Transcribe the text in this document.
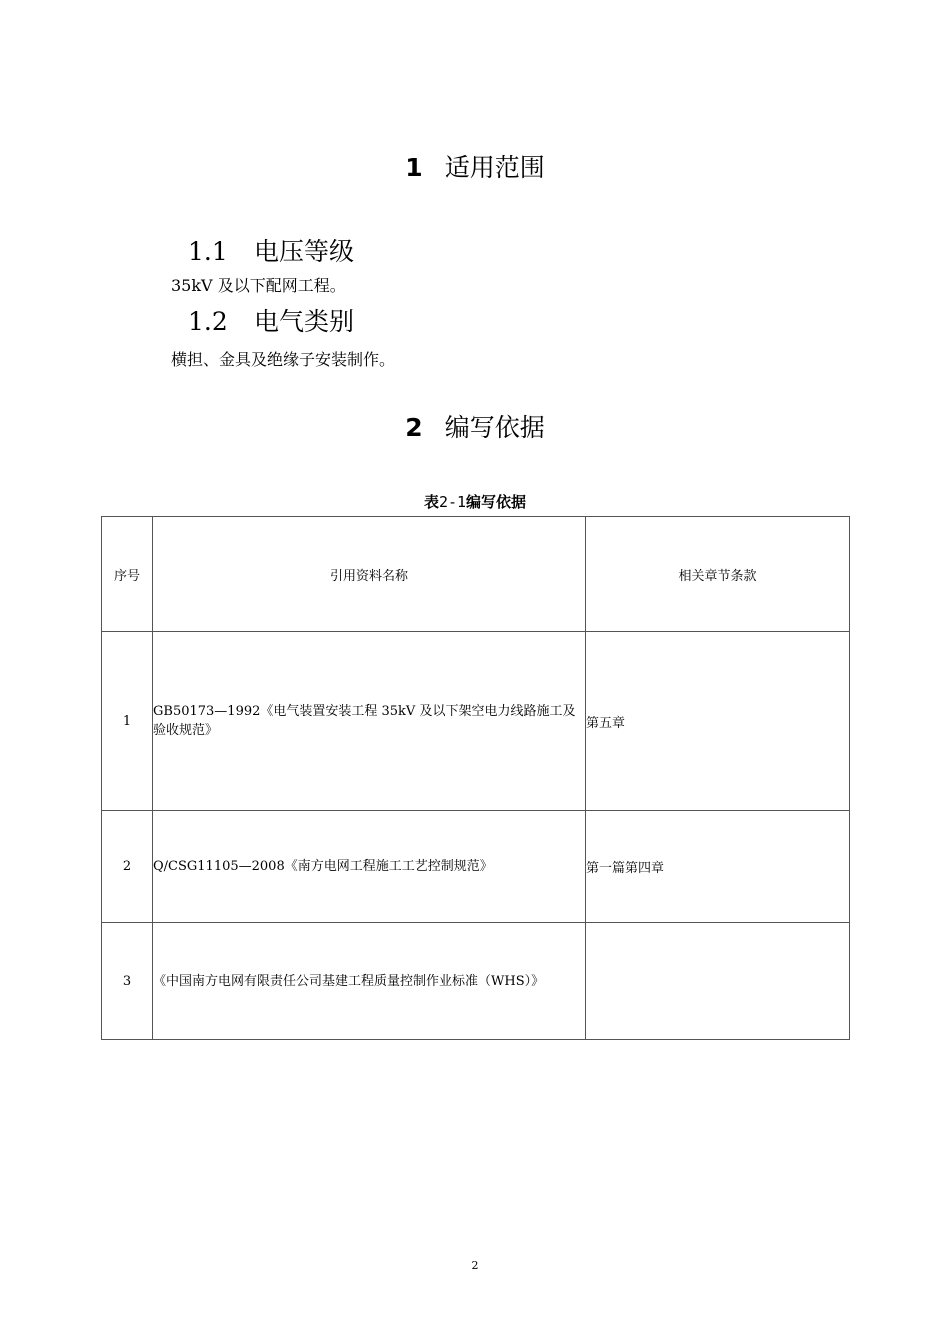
1 适用范围
1.1 电压等级
35kV 及以下配网工程。
1.2 电气类别
横担、金具及绝缘子安装制作。
2 编写依据
表2-1编写依据
序号	引用资料名称	相关章节条款
1	GB50173—1992《电气装置安装工程 35kV 及以下架空电力线路施工及验收规范》	第五章
2	Q/CSG11105—2008《南方电网工程施工工艺控制规范》	第一篇第四章
3	《中国南方电网有限责任公司基建工程质量控制作业标准（WHS）》	
2
